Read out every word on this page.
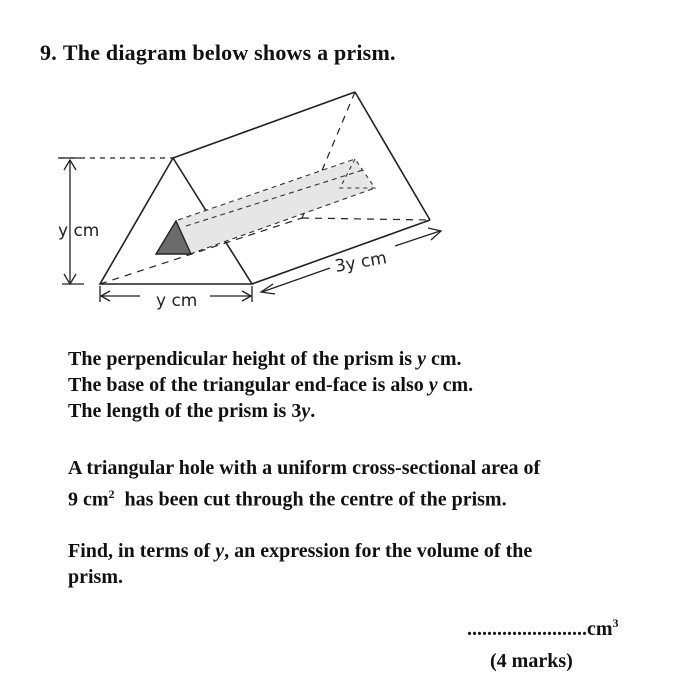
9. The diagram below shows a prism.
y cm
y cm
3y cm
The perpendicular height of the prism is y cm.
The base of the triangular end-face is also y cm.
The length of the prism is 3y.
A triangular hole with a uniform cross-sectional area of
9 $cm^2$  has been cut through the centre of the prism.
Find, in terms of y, an expression for the volume of the
prism.
$........................cm^3$
(4 marks)
